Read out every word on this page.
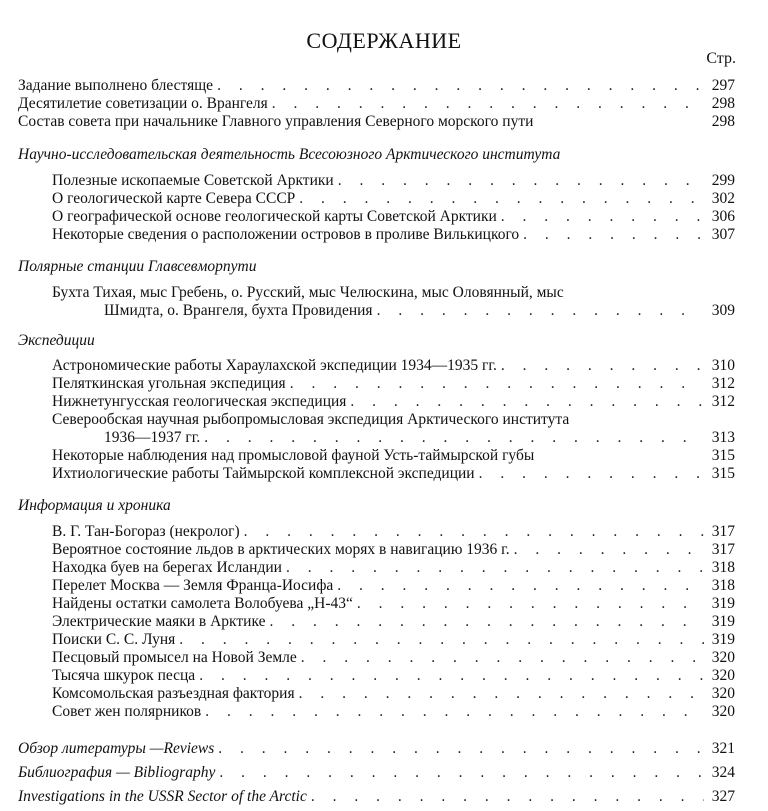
СОДЕРЖАНИЕ
Стр.
Задание выполнено блестяще . . .	297
Десятилетие советизации о. Врангеля . . .	298
Состав совета при начальнике Главного управления Северного морского пути	298
Научно-исследовательская деятельность Всесоюзного Арктического института
Полезные ископаемые Советской Арктики . . .	299
О геологической карте Севера СССР . . .	302
О географической основе геологической карты Советской Арктики . . .	306
Некоторые сведения о расположении островов в проливе Вилькицкого . . .	307
Полярные станции Главсевморпути
Бухта Тихая, мыс Гребень, о. Русский, мыс Челюскина, мыс Оловянный, мыс
Шмидта, о. Врангеля, бухта Провидения . . .	309
Экспедиции
Астрономические работы Хараулахской экспедиции 1934—1935 гг. . . .	310
Пеляткинская угольная экспедиция . . .	312
Нижнетунгусская геологическая экспедиция . . .	312
Северообская научная рыбопромысловая экспедиция Арктического института
1936—1937 гг. . . .	313
Некоторые наблюдения над промысловой фауной Усть-таймырской губы	315
Ихтиологические работы Таймырской комплексной экспедиции . . .	315
Информация и хроника
В. Г. Тан-Богораз (некролог) . . .	317
Вероятное состояние льдов в арктических морях в навигацию 1936 г. . . .	317
Находка буев на берегах Исландии . . .	318
Перелет Москва — Земля Франца-Иосифа . . .	318
Найдены остатки самолета Волобуева „Н-43“ . . .	319
Электрические маяки в Арктике . . .	319
Поиски С. С. Луня . . .	319
Песцовый промысел на Новой Земле . . .	320
Тысяча шкурок песца . . .	320
Комсомольская разъездная фактория . . .	320
Совет жен полярников . . .	320
Обзор литературы —Reviews . . .	321
Библиография — Bibliography . . .	324
Investigations in the USSR Sector of the Arctic . . .	327
